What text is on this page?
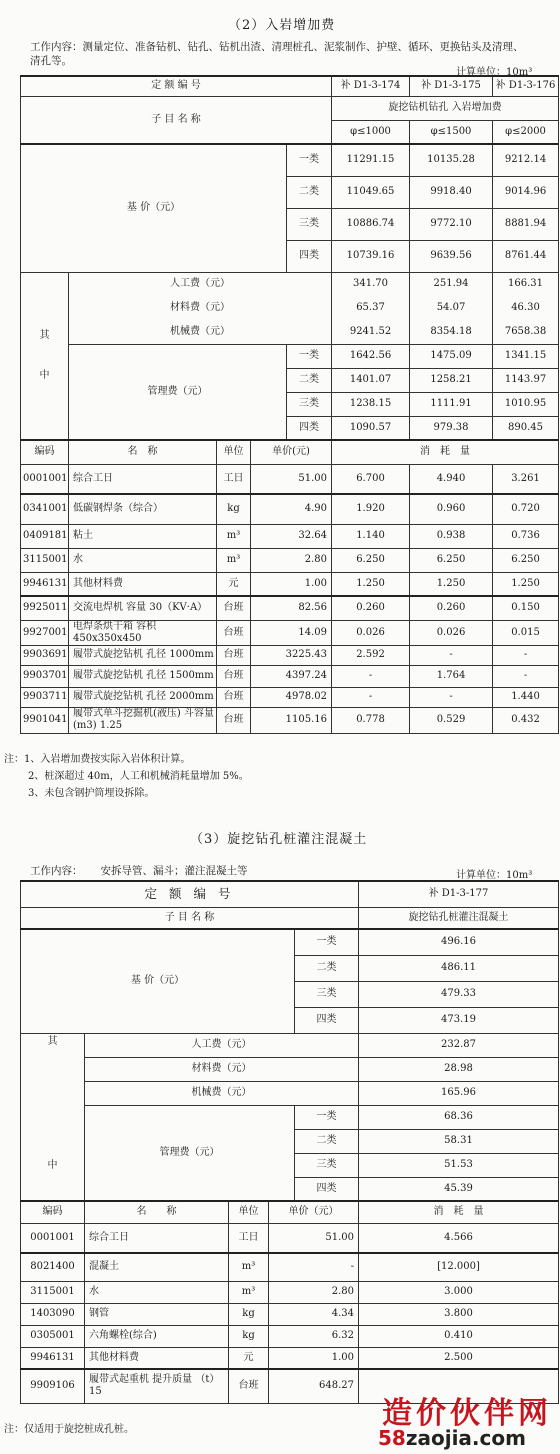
（2）入岩增加费
工作内容：测量定位、准备钻机、钻孔、钻机出渣、清理桩孔、泥浆制作、护壁、循环、更换钻头及清理、清孔等。
计算单位：10m³
定 额 编 号					补 D1-3-174	补 D1-3-175	补 D1-3-176
子 目 名 称					旋挖钻机钻孔 入岩增加费		
					φ≤1000	φ≤1500	φ≤2000
基 价（元）				一类	11291.15	10135.28	9212.14
				二类	11049.65	9918.40	9014.96
				三类	10886.74	9772.10	8881.94
				四类	10739.16	9639.56	8761.44

其
中	人工费（元）				341.70	251.94	166.31
	材料费（元）				65.37	54.07	46.30
	机械费（元）				9241.52	8354.18	7658.38
	管理费（元）			一类	1642.56	1475.09	1341.15
				二类	1401.07	1258.21	1143.97
				三类	1238.15	1111.91	1010.95
				四类	1090.57	979.38	890.45
编码	名　称	单位	单价(元)		消　耗　量		
0001001	综合工日	工日	51.00		6.700	4.940	3.261
0341001	低碳钢焊条（综合）	kg	4.90		1.920	0.960	0.720
0409181	粘土	m³	32.64		1.140	0.938	0.736
3115001	水	m³	2.80		6.250	6.250	6.250
9946131	其他材料费	元	1.00		1.250	1.250	1.250
9925011	交流电焊机 容量 30（KV·A）	台班	82.56		0.260	0.260	0.150
9927001	电焊条烘干箱 容积 450x350x450	台班	14.09		0.026	0.026	0.015
9903691	履带式旋挖钻机 孔径 1000mm	台班	3225.43		2.592	-	-
9903701	履带式旋挖钻机 孔径 1500mm	台班	4397.24		-	1.764	-
9903711	履带式旋挖钻机 孔径 2000mm	台班	4978.02		-	-	1.440
9901041	履带式单斗挖掘机(液压) 斗容量 (m3) 1.25	台班	1105.16		0.778	0.529	0.432
注：1、入岩增加费按实际入岩体积计算。
2、桩深超过 40m，人工和机械消耗量增加 5%。
3、未包含钢护筒埋设拆除。
（3）旋挖钻孔桩灌注混凝土
工作内容： 安拆导管、漏斗；灌注混凝土等	计算单位：10m³
定 额 编 号					补 D1-3-177
子 目 名 称					旋挖钻孔桩灌注混凝土
基 价（元）				一类	496.16
				二类	486.11
				三类	479.33
				四类	473.19

其
中	人工费（元）				232.87
	材料费（元）				28.98
	机械费（元）				165.96
	管理费（元）			一类	68.36
				二类	58.31
				三类	51.53
				四类	45.39
编码	名　　称	单位	单价（元）		消　耗　量
0001001	综合工日	工日	51.00		4.566
8021400	混凝土	m³	-		[12.000]
3115001	水	m³	2.80		3.000
1403090	钢管	kg	4.34		3.800
0305001	六角螺栓(综合)	kg	6.32		0.410
9946131	其他材料费	元	1.00		2.500
9909106	履带式起重机 提升质量 （t）15	台班	648.27		
注：仅适用于旋挖桩成孔桩。	造价伙伴网
58zaojia.com
